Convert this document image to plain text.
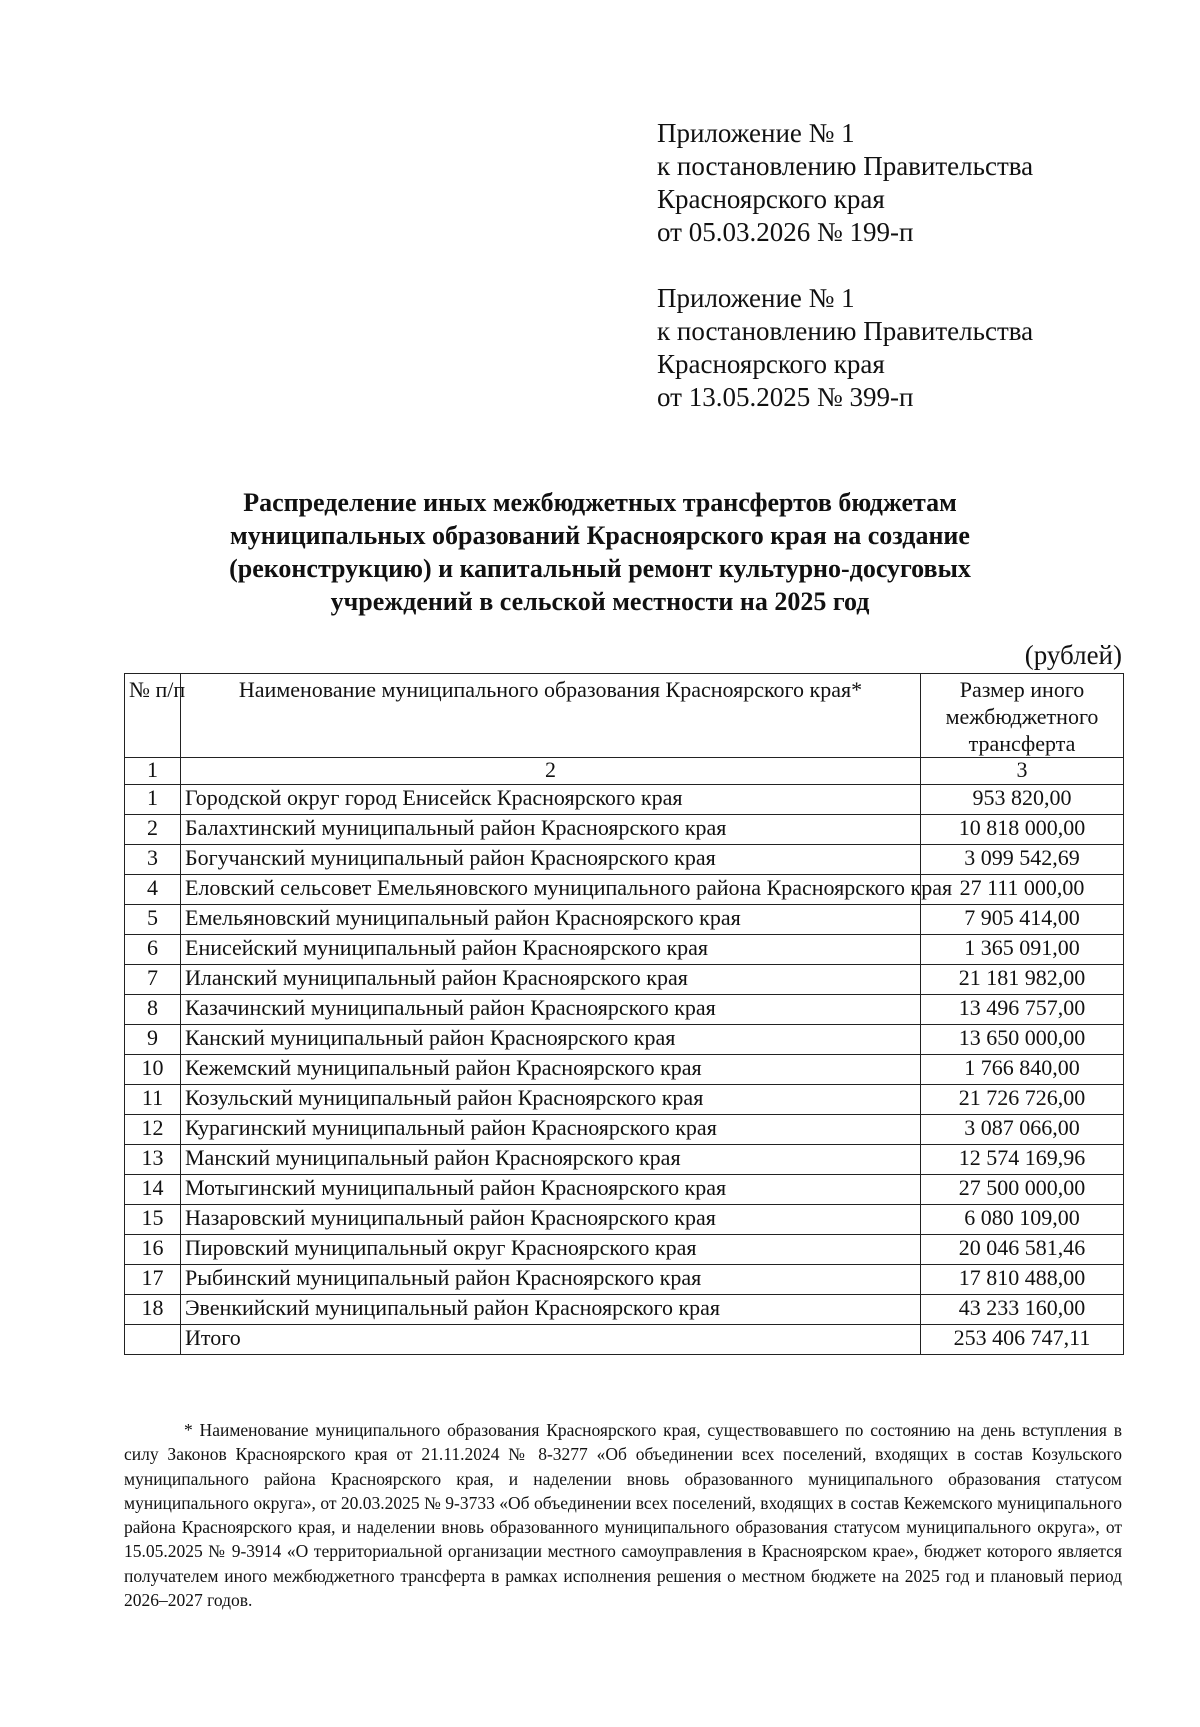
Приложение № 1
к постановлению Правительства
Красноярского края
от 05.03.2026 № 199-п
Приложение № 1
к постановлению Правительства
Красноярского края
от 13.05.2025 № 399-п
Распределение иных межбюджетных трансфертов бюджетам
муниципальных образований Красноярского края на создание
(реконструкцию) и капитальный ремонт культурно-досуговых
учреждений в сельской местности на 2025 год
(рублей)
№ п/п	Наименование муниципального образования Красноярского края*	Размер иного межбюджетного трансферта
1	2	3
1	Городской округ город Енисейск Красноярского края	953 820,00
2	Балахтинский муниципальный район Красноярского края	10 818 000,00
3	Богучанский муниципальный район Красноярского края	3 099 542,69
4	Еловский сельсовет Емельяновского муниципального района Красноярского края	27 111 000,00
5	Емельяновский муниципальный район Красноярского края	7 905 414,00
6	Енисейский муниципальный район Красноярского края	1 365 091,00
7	Иланский муниципальный район Красноярского края	21 181 982,00
8	Казачинский муниципальный район Красноярского края	13 496 757,00
9	Канский муниципальный район Красноярского края	13 650 000,00
10	Кежемский муниципальный район Красноярского края	1 766 840,00
11	Козульский муниципальный район Красноярского края	21 726 726,00
12	Курагинский муниципальный район Красноярского края	3 087 066,00
13	Манский муниципальный район Красноярского края	12 574 169,96
14	Мотыгинский муниципальный район Красноярского края	27 500 000,00
15	Назаровский муниципальный район Красноярского края	6 080 109,00
16	Пировский муниципальный округ Красноярского края	20 046 581,46
17	Рыбинский муниципальный район Красноярского края	17 810 488,00
18	Эвенкийский муниципальный район Красноярского края	43 233 160,00
	Итого	253 406 747,11

* Наименование муниципального образования Красноярского края, существовавшего по состоянию на день вступления в силу Законов Красноярского края от 21.11.2024 № 8-3277 «Об объединении всех поселений, входящих в состав Козульского муниципального района Красноярского края, и наделении вновь образованного муниципального образования статусом муниципального округа», от 20.03.2025 № 9-3733 «Об объединении всех поселений, входящих в состав Кежемского муниципального района Красноярского края, и наделении вновь образованного муниципального образования статусом муниципального округа», от 15.05.2025 № 9-3914 «О территориальной организации местного самоуправления в Красноярском крае», бюджет которого является получателем иного межбюджетного трансферта в рамках исполнения решения о местном бюджете на 2025 год и плановый период 2026–2027 годов.
